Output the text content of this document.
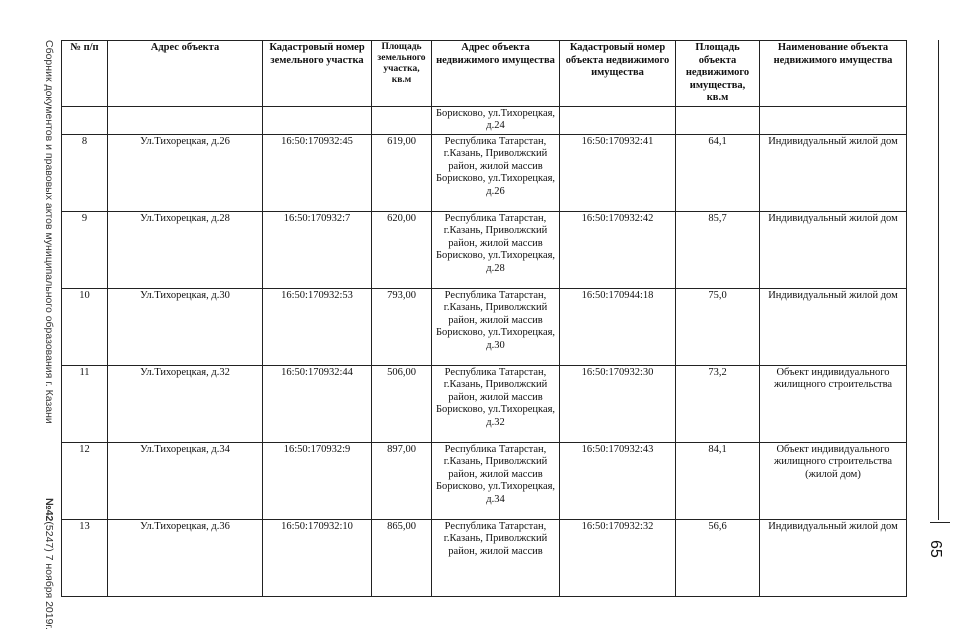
Сборник документов и правовых актов муниципального образования г. Казани
№42(5247) 7 ноября 2019г.	65
№ п/п	Адрес объекта	Кадастровый номер земельного участка	Площадь земельного участка, кв.м	Адрес объекта недвижимого имущества	Кадастровый номер объекта недвижимого имущества	Площадь объекта недвижимого имущества, кв.м	Наименование объекта недвижимого имущества
				Борисково, ул.Тихорецкая, д.24			
8	Ул.Тихорецкая, д.26	16:50:170932:45	619,00	Республика Татарстан, г.Казань, Приволжский район, жилой массив Борисково, ул.Тихорецкая, д.26	16:50:170932:41	64,1	Индивидуальный жилой дом
9	Ул.Тихорецкая, д.28	16:50:170932:7	620,00	Республика Татарстан, г.Казань, Приволжский район, жилой массив Борисково, ул.Тихорецкая, д.28	16:50:170932:42	85,7	Индивидуальный жилой дом
10	Ул.Тихорецкая, д.30	16:50:170932:53	793,00	Республика Татарстан, г.Казань, Приволжский район, жилой массив Борисково, ул.Тихорецкая, д.30	16:50:170944:18	75,0	Индивидуальный жилой дом
11	Ул.Тихорецкая, д.32	16:50:170932:44	506,00	Республика Татарстан, г.Казань, Приволжский район, жилой массив Борисково, ул.Тихорецкая, д.32	16:50:170932:30	73,2	Объект индивидуального жилищного строительства
12	Ул.Тихорецкая, д.34	16:50:170932:9	897,00	Республика Татарстан, г.Казань, Приволжский район, жилой массив Борисково, ул.Тихорецкая, д.34	16:50:170932:43	84,1	Объект индивидуального жилищного строительства (жилой дом)
13	Ул.Тихорецкая, д.36	16:50:170932:10	865,00	Республика Татарстан, г.Казань, Приволжский район, жилой массив	16:50:170932:32	56,6	Индивидуальный жилой дом
